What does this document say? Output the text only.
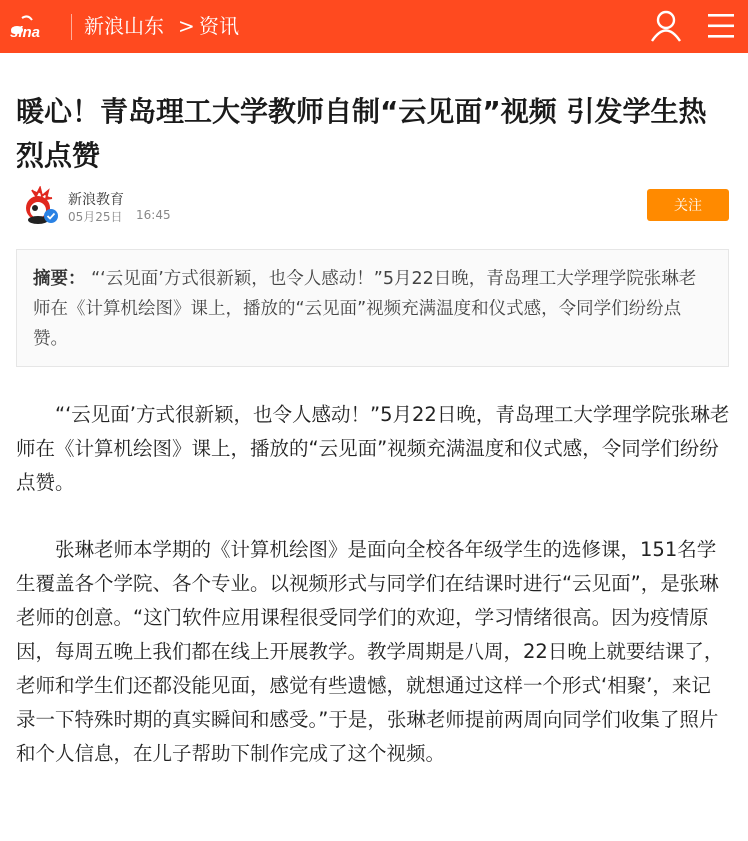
sina 新浪山东 > 资讯
暖心！青岛理工大学教师自制“云见面”视频 引发学生热烈点赞
新浪教育
05月25日 16:45
关注
摘要： “‘云见面’方式很新颖，也令人感动！”5月22日晚，青岛理工大学理学院张琳老师在《计算机绘图》课上，播放的“云见面”视频充满温度和仪式感，令同学们纷纷点赞。

“‘云见面’方式很新颖，也令人感动！”5月22日晚，青岛理工大学理学院张琳老师在《计算机绘图》课上，播放的“云见面”视频充满温度和仪式感，令同学们纷纷点赞。

张琳老师本学期的《计算机绘图》是面向全校各年级学生的选修课，151名学生覆盖各个学院、各个专业。以视频形式与同学们在结课时进行“云见面”，是张琳老师的创意。“这门软件应用课程很受同学们的欢迎，学习情绪很高。因为疫情原因，每周五晚上我们都在线上开展教学。教学周期是八周，22日晚上就要结课了，老师和学生们还都没能见面，感觉有些遗憾，就想通过这样一个形式‘相聚’，来记录一下特殊时期的真实瞬间和感受。”于是，张琳老师提前两周向同学们收集了照片和个人信息，在儿子帮助下制作完成了这个视频。
